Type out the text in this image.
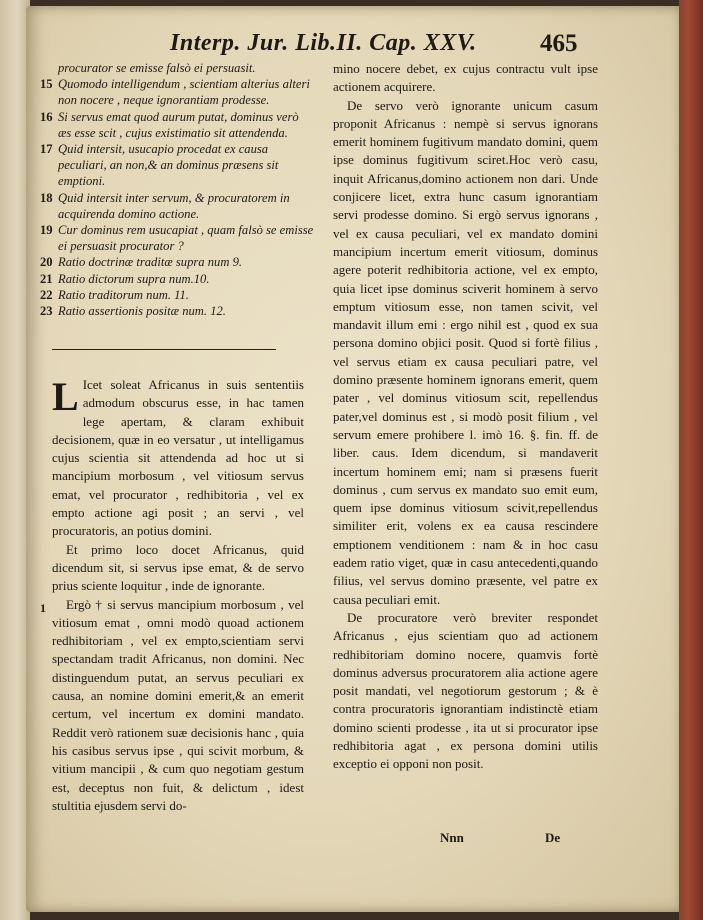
Interp. Jur. Lib.II. Cap. XXV.	465
procurator se emisse falsò ei persuasit.
15 Quomodo intelligendum , scientiam alterius alteri non nocere , neque ignorantiam prodesse.
16 Si servus emat quod aurum putat, dominus verò æs esse scit , cujus existimatio sit attendenda.
17 Quid intersit, usucapio procedat ex causa peculiari, an non,& an dominus præsens sit emptioni.
18 Quid intersit inter servum, & procuratorem in acquirenda domino actione.
19 Cur dominus rem usucapiat , quam falsò se emisse ei persuasit procurator ?
20 Ratio doctrinæ traditæ supra num 9.
21 Ratio dictorum supra num.10.
22 Ratio traditorum num. 11.
23 Ratio assertionis positæ num. 12.

L Icet soleat Africanus in suis sententiis admodum obscurus esse, in hac tamen lege apertam, & claram exhibuit decisionem, quæ in eo versatur , ut intelligamus cujus scientia sit attendenda ad hoc ut si mancipium morbosum , vel vitiosum servus emat, vel procurator , redhibitoria , vel ex empto actione agi posit ; an servi , vel procuratoris, an potius domini.

Et primo loco docet Africanus, quid dicendum sit, si servus ipse emat, & de servo prius sciente loquitur , inde de ignorante.

Ergò † si servus mancipium morbosum , vel vitiosum emat , omni modò quoad actionem redhibitoriam , vel ex empto,scientiam servi spectandam tradit Africanus, non domini. Nec distinguendum putat, an servus peculiari ex causa, an nomine domini emerit,& an emerit certum, vel incertum ex domini mandato. Reddit verò rationem suæ decisionis hanc , quia his casibus servus ipse , qui scivit morbum, & vitium mancipii , & cum quo negotiam gestum est, deceptus non fuit, & delictum , idest stultitia ejusdem servi do-

1

mino nocere debet, ex cujus contractu vult ipse actionem acquirere.

De servo verò ignorante unicum casum proponit Africanus : nempè si servus ignorans emerit hominem fugitivum mandato domini, quem ipse dominus fugitivum sciret.Hoc verò casu, inquit Africanus,domino actionem non dari. Unde conjicere licet, extra hunc casum ignorantiam servi prodesse domino. Si ergò servus ignorans , vel ex causa peculiari, vel ex mandato domini mancipium incertum emerit vitiosum, dominus agere poterit redhibitoria actione, vel ex empto, quia licet ipse dominus sciverit hominem à servo emptum vitiosum esse, non tamen scivit, vel mandavit illum emi : ergo nihil est , quod ex sua persona domino objici posit. Quod si fortè filius , vel servus etiam ex causa peculiari patre, vel domino præsente hominem ignorans emerit, quem pater , vel dominus vitiosum scit, repellendus pater,vel dominus est , si modò posit filium , vel servum emere prohibere l. imò 16. §. fin. ff. de liber. caus. Idem dicendum, si mandaverit incertum hominem emi; nam si præsens fuerit dominus , cum servus ex mandato suo emit eum, quem ipse dominus vitiosum scivit,repellendus similiter erit, volens ex ea causa rescindere emptionem venditionem : nam & in hoc casu eadem ratio viget, quæ in casu antecedenti,quando filius, vel servus domino præsente, vel patre ex causa peculiari emit.

De procuratore verò breviter respondet Africanus , ejus scientiam quo ad actionem redhibitoriam domino nocere, quamvis fortè dominus adversus procuratorem alia actione agere posit mandati, vel negotiorum gestorum ; & è contra procuratoris ignorantiam indistinctè etiam domino scienti prodesse , ita ut si procurator ipse redhibitoria agat , ex persona domini utilis exceptio ei opponi non posit.

Nnn	De
